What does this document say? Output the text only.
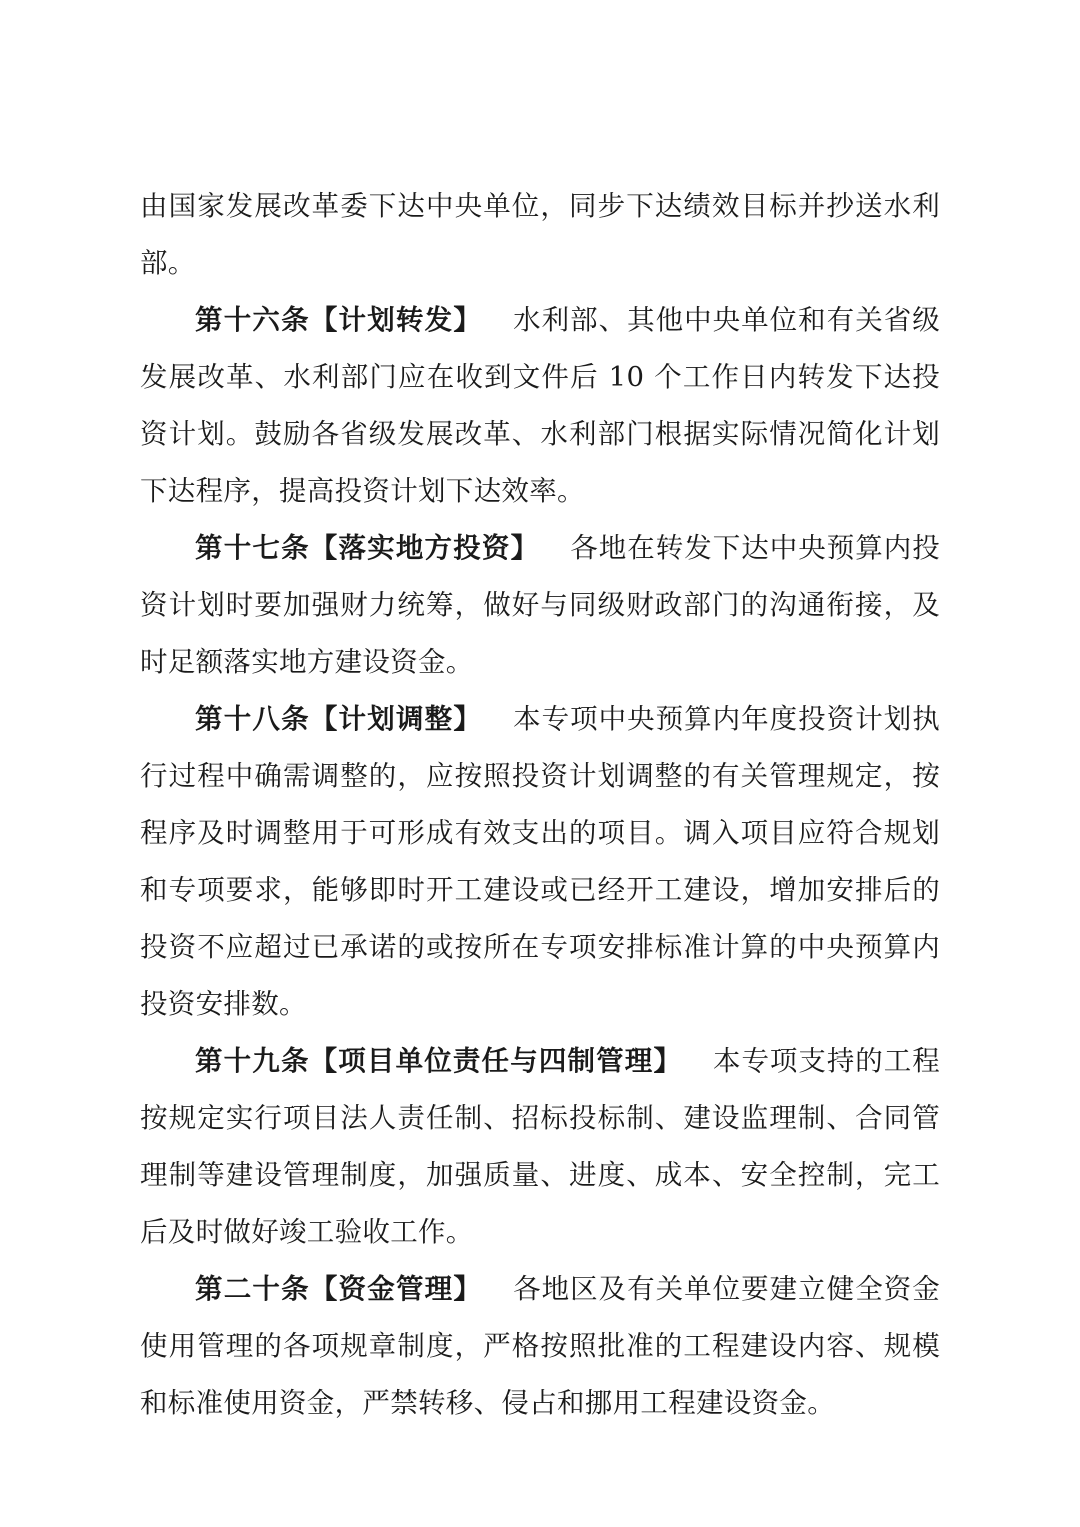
由国家发展改革委下达中央单位，同步下达绩效目标并抄送水利部。

第十六条【计划转发】 水利部、其他中央单位和有关省级发展改革、水利部门应在收到文件后 10 个工作日内转发下达投资计划。鼓励各省级发展改革、水利部门根据实际情况简化计划下达程序，提高投资计划下达效率。

第十七条【落实地方投资】 各地在转发下达中央预算内投资计划时要加强财力统筹，做好与同级财政部门的沟通衔接，及时足额落实地方建设资金。

第十八条【计划调整】 本专项中央预算内年度投资计划执行过程中确需调整的，应按照投资计划调整的有关管理规定，按程序及时调整用于可形成有效支出的项目。调入项目应符合规划和专项要求，能够即时开工建设或已经开工建设，增加安排后的投资不应超过已承诺的或按所在专项安排标准计算的中央预算内投资安排数。

第十九条【项目单位责任与四制管理】 本专项支持的工程按规定实行项目法人责任制、招标投标制、建设监理制、合同管理制等建设管理制度，加强质量、进度、成本、安全控制，完工后及时做好竣工验收工作。

第二十条【资金管理】 各地区及有关单位要建立健全资金使用管理的各项规章制度，严格按照批准的工程建设内容、规模和标准使用资金，严禁转移、侵占和挪用工程建设资金。
